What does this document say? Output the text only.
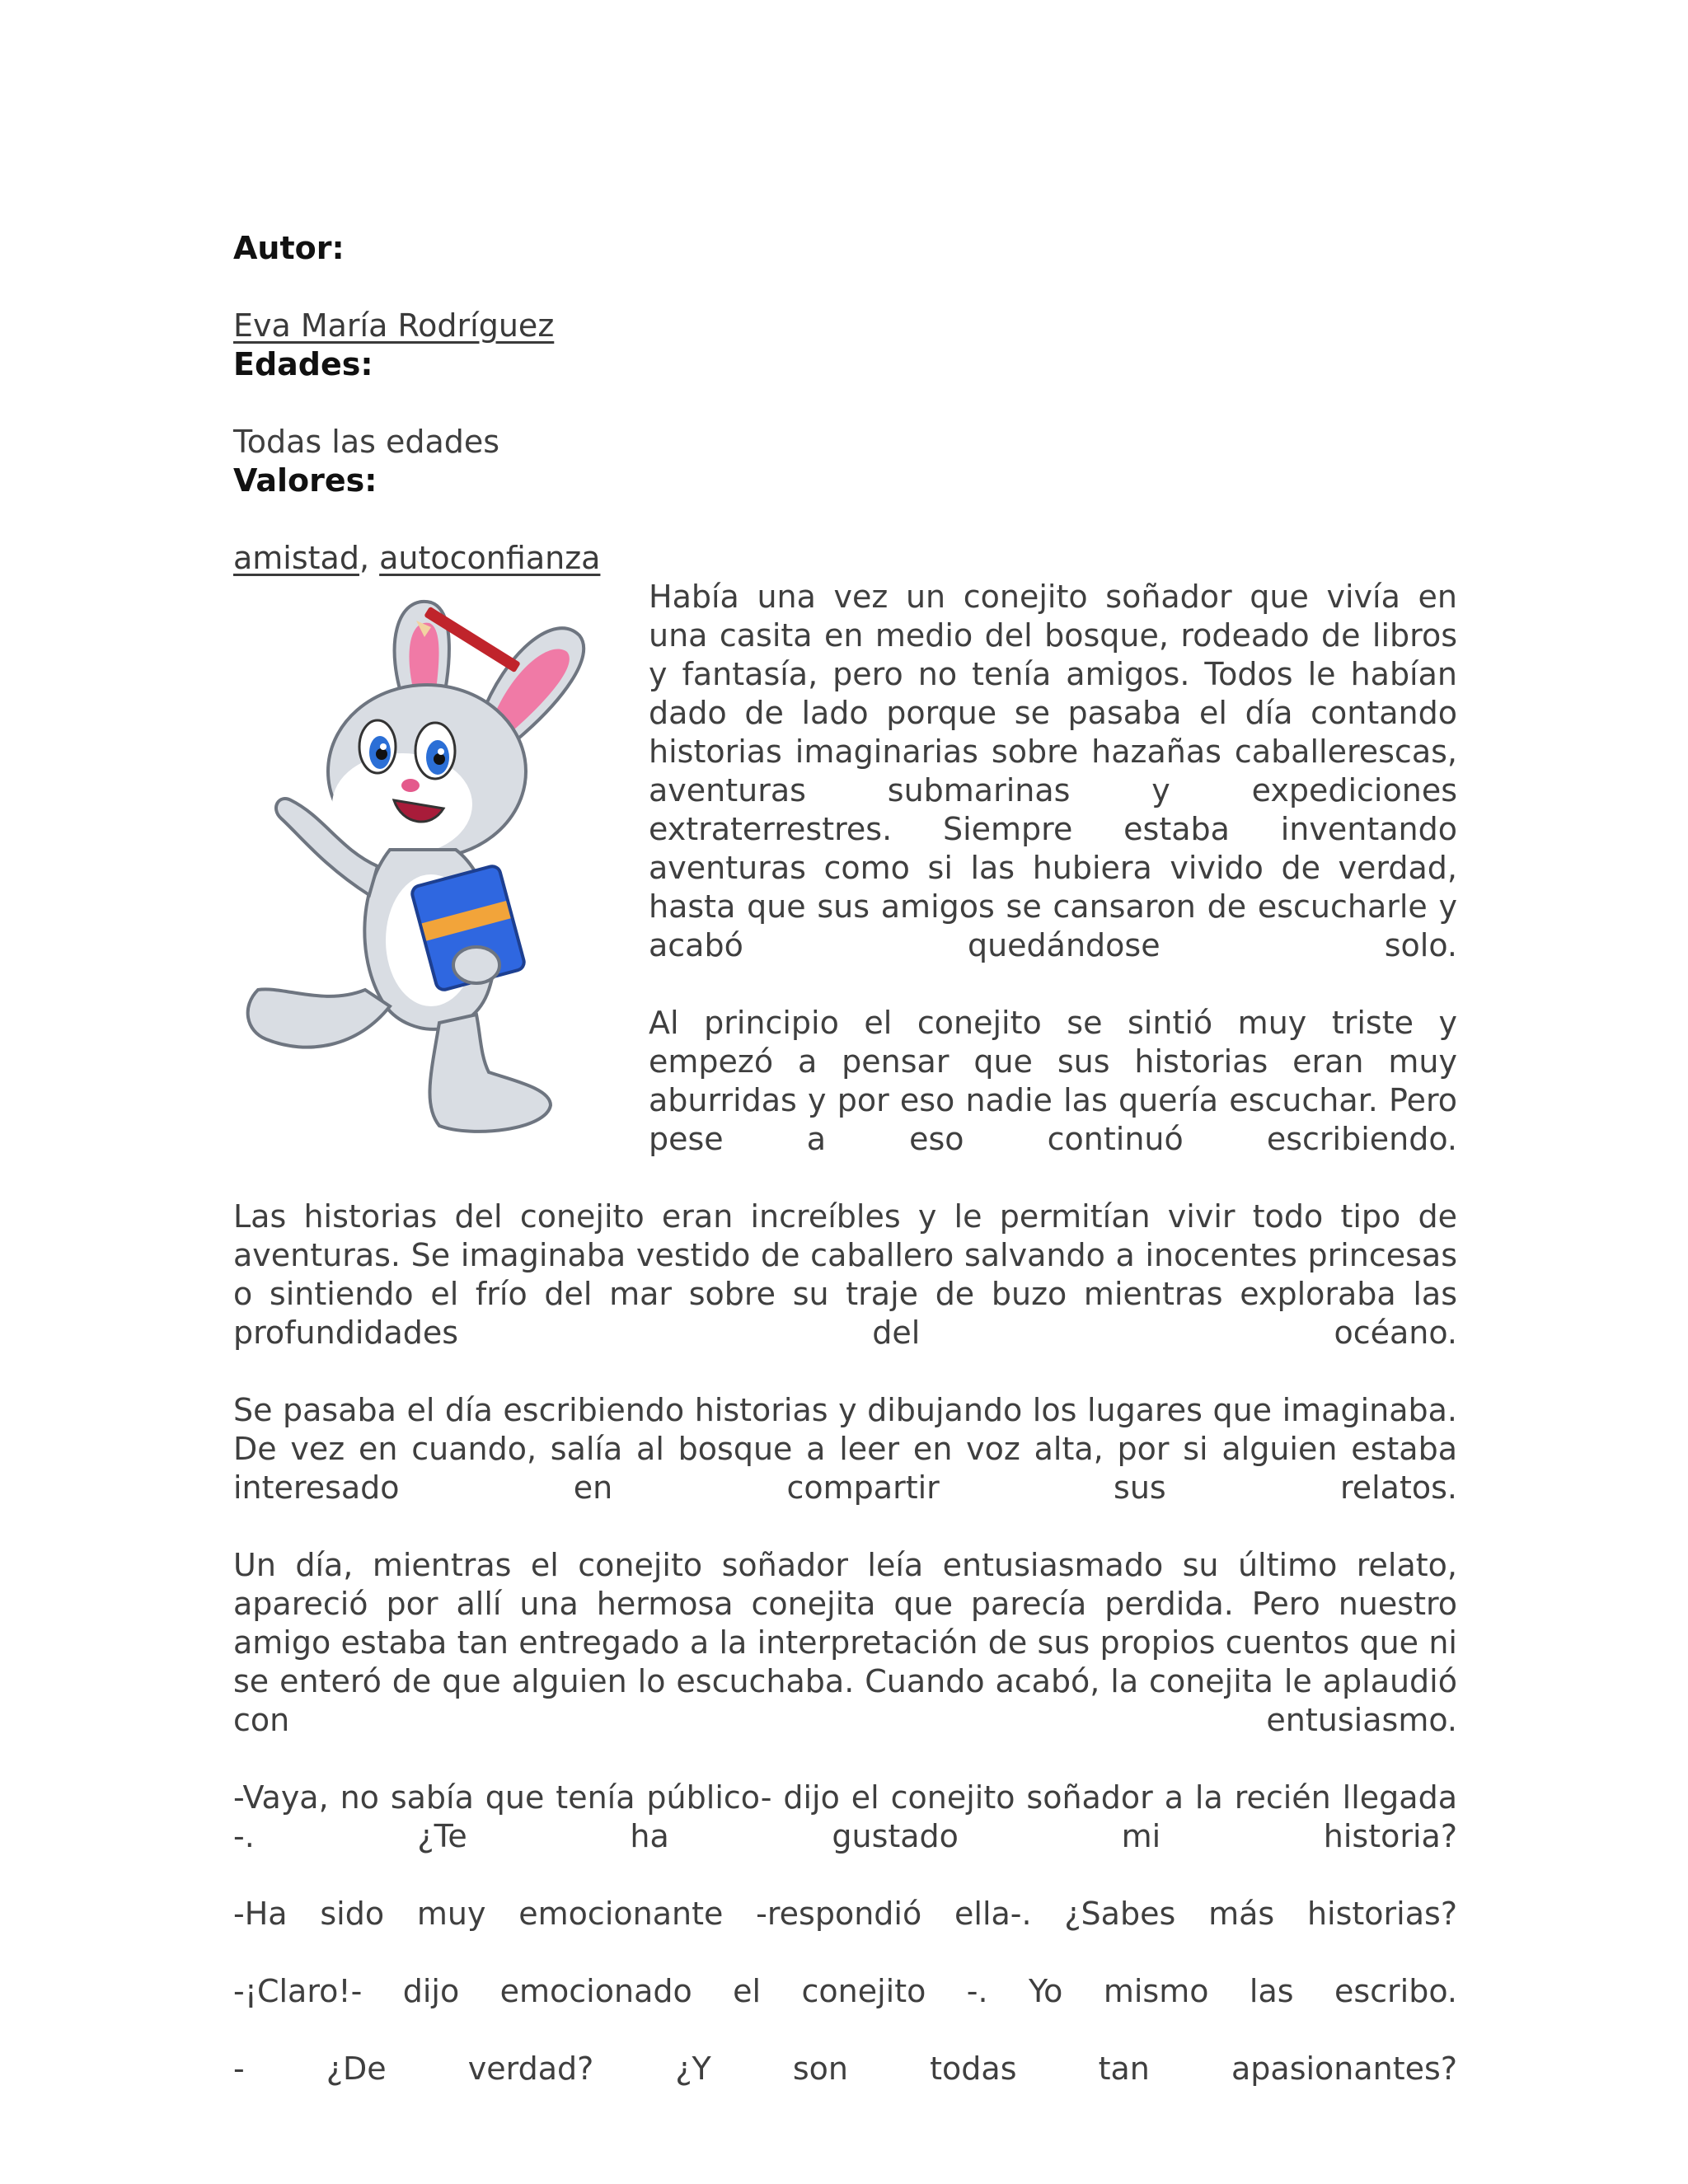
Autor:
Eva María Rodríguez
Edades:
Todas las edades
Valores:
amistad, autoconfianza

Había una vez un conejito soñador que vivía en una casita en medio del bosque, rodeado de libros y fantasía, pero no tenía amigos. Todos le habían dado de lado porque se pasaba el día contando historias imaginarias sobre hazañas caballerescas, aventuras submarinas y expediciones extraterrestres. Siempre estaba inventando aventuras como si las hubiera vivido de verdad, hasta que sus amigos se cansaron de escucharle y acabó quedándose solo.

Al principio el conejito se sintió muy triste y empezó a pensar que sus historias eran muy aburridas y por eso nadie las quería escuchar. Pero pese a eso continuó escribiendo.

Las historias del conejito eran increíbles y le permitían vivir todo tipo de aventuras. Se imaginaba vestido de caballero salvando a inocentes princesas o sintiendo el frío del mar sobre su traje de buzo mientras exploraba las profundidades del océano.

Se pasaba el día escribiendo historias y dibujando los lugares que imaginaba. De vez en cuando, salía al bosque a leer en voz alta, por si alguien estaba interesado en compartir sus relatos.

Un día, mientras el conejito soñador leía entusiasmado su último relato, apareció por allí una hermosa conejita que parecía perdida. Pero nuestro amigo estaba tan entregado a la interpretación de sus propios cuentos que ni se enteró de que alguien lo escuchaba. Cuando acabó, la conejita le aplaudió con entusiasmo.

-Vaya, no sabía que tenía público- dijo el conejito soñador a la recién llegada -. ¿Te ha gustado mi historia?

-Ha sido muy emocionante -respondió ella-. ¿Sabes más historias?

-¡Claro!- dijo emocionado el conejito -. Yo mismo las escribo.

- ¿De verdad? ¿Y son todas tan apasionantes?
